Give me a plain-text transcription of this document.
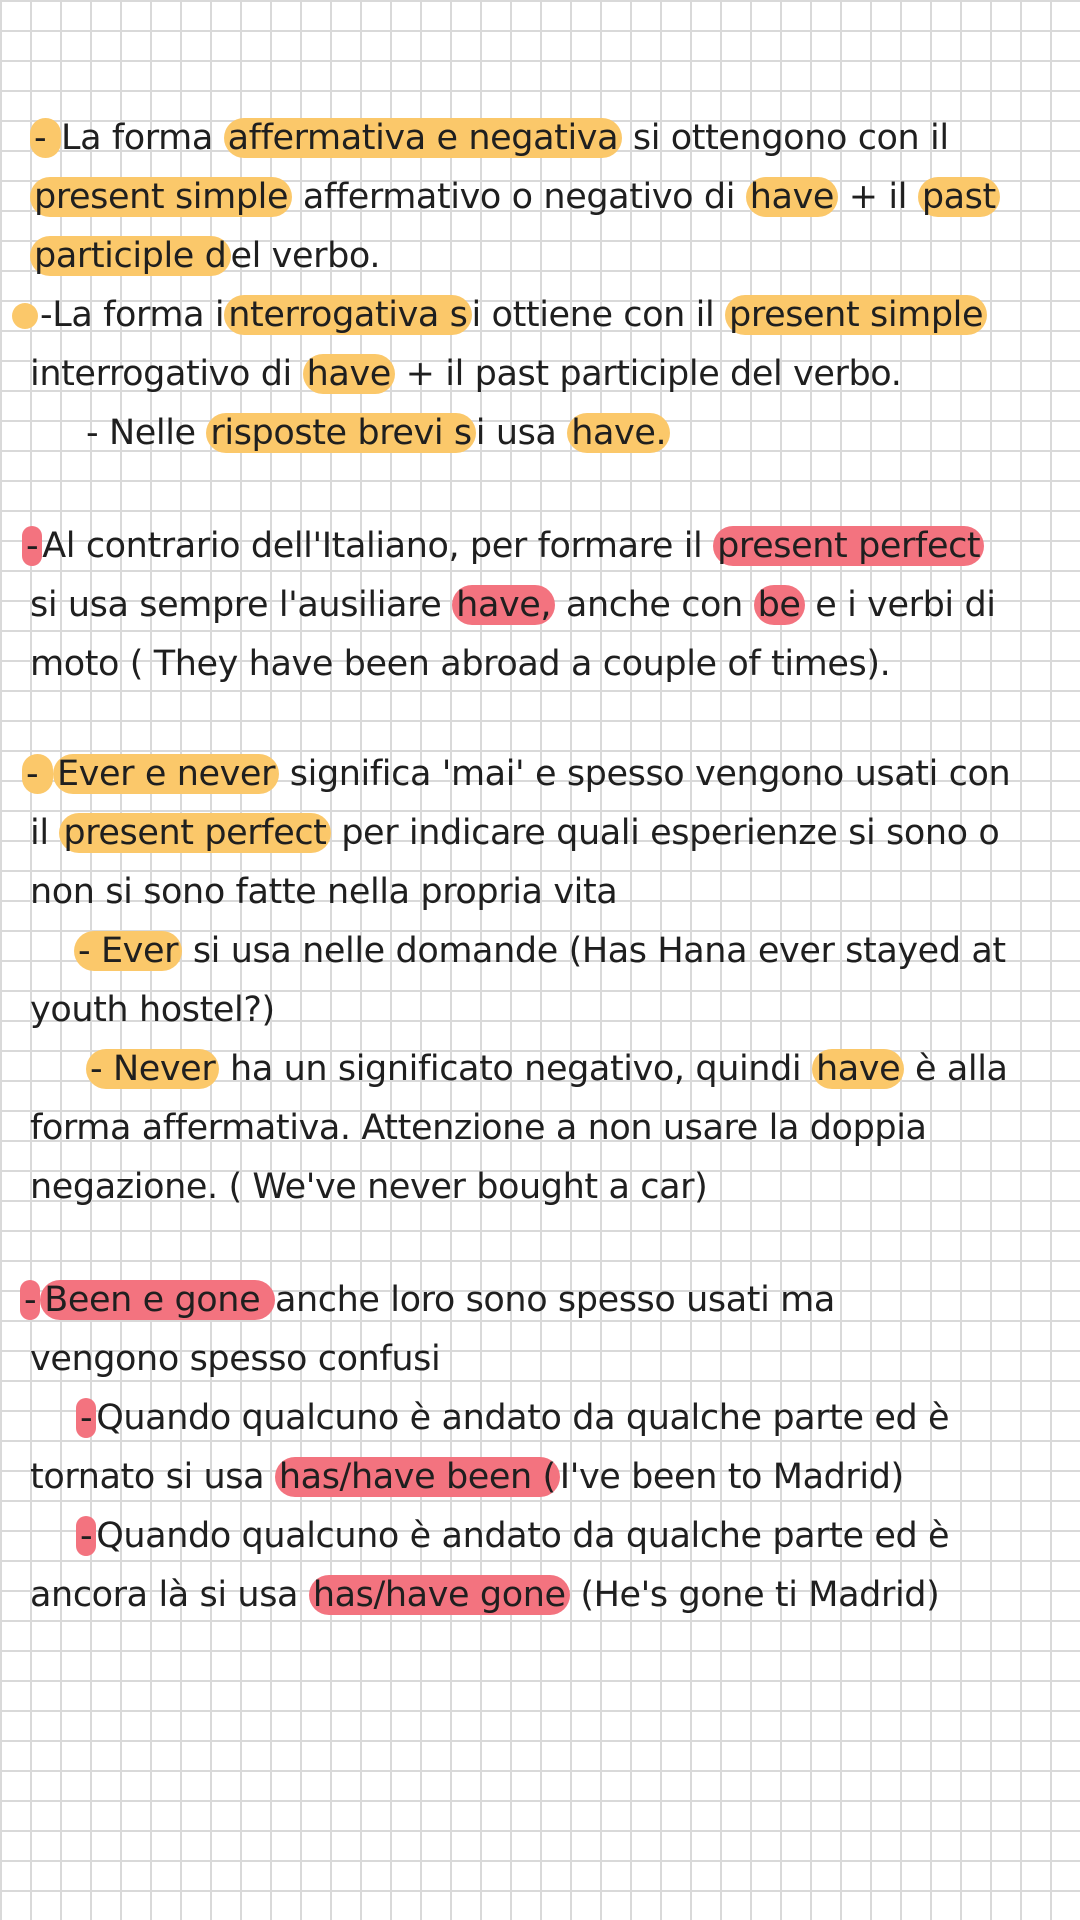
- La forma affermativa e negativa si ottengono con il
present simple affermativo o negativo di have + il past
participle d el verbo.
-La forma i nterrogativa s i ottiene con il present simple
interrogativo di have + il past participle del verbo.
- Nelle risposte brevi s i usa have.
- Al contrario dell'Italiano, per formare il present perfect
si usa sempre l'ausiliare have, anche con be e i verbi di
moto ( They have been abroad a couple of times).
- Ever e never significa 'mai' e spesso vengono usati con
il present perfect per indicare quali esperienze si sono o
non si sono fatte nella propria vita
- Ever si usa nelle domande (Has Hana ever stayed at
youth hostel?)
- Never ha un significato negativo, quindi have è alla
forma affermativa. Attenzione a non usare la doppia
negazione. ( We've never bought a car)
- Been e gone anche loro sono spesso usati ma
vengono spesso confusi
- Quando qualcuno è andato da qualche parte ed è
tornato si usa has/have been ( I've been to Madrid)
- Quando qualcuno è andato da qualche parte ed è
ancora là si usa has/have gone (He's gone ti Madrid)
